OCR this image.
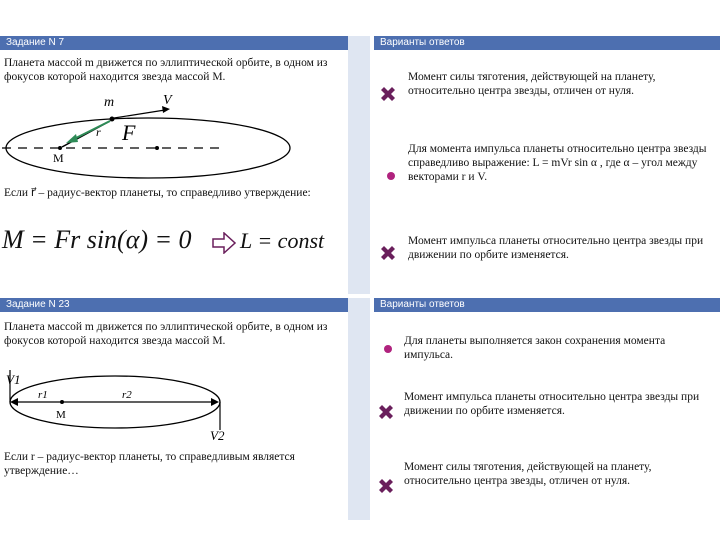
Задание N 7	Варианты ответов
Планета массой m движется по эллиптической орбите, в одном из фокусов которой находится звезда массой M.
m	V
F
r
M
Если r⃗ – радиус-вектор планеты, то справедливо утверждение:
M = Fr sin(α) = 0	L = const
Момент силы тяготения, действующей на планету, относительно центра звезды, отличен от нуля.
Для момента импульса планеты относительно центра звезды справедливо выражение: L = mVr sin α , где α – угол между векторами r и V.
Момент импульса планеты относительно центра звезды при движении по орбите изменяется.
Задание N 23	Варианты ответов
Планета массой m движется по эллиптической орбите, в одном из фокусов которой находится звезда массой M.
V1
V2
r1	r2
M
Если r – радиус-вектор планеты, то справедливым является утверждение…
Для планеты выполняется закон сохранения момента импульса.
Момент импульса планеты относительно центра звезды при движении по орбите изменяется.
Момент силы тяготения, действующей на планету, относительно центра звезды, отличен от нуля.
